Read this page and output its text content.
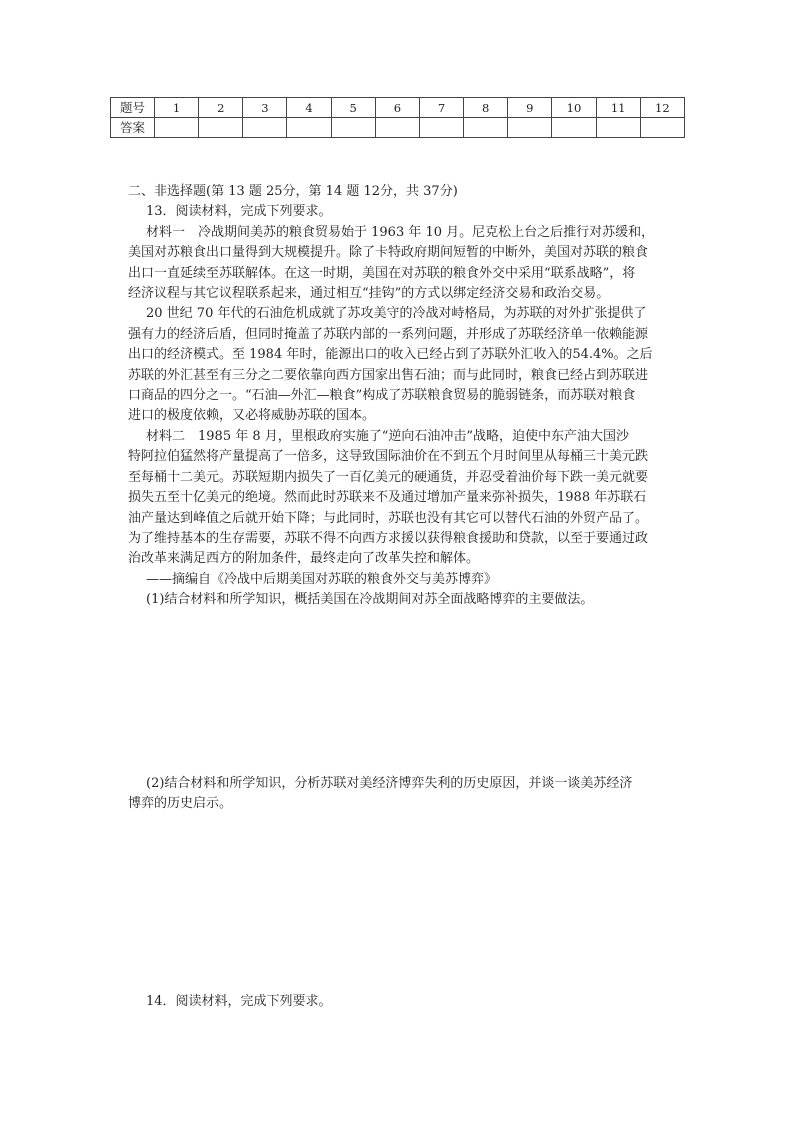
题号	1	2	3	4	5	6	7	8	9	10	11	12
答案												
二、非选择题(第 13 题 25分，第 14 题 12分，共 37分)
13．阅读材料，完成下列要求。
材料一　冷战期间美苏的粮食贸易始于 1963 年 10 月。尼克松上台之后推行对苏缓和，
美国对苏粮食出口量得到大规模提升。除了卡特政府期间短暂的中断外，美国对苏联的粮食
出口一直延续至苏联解体。在这一时期，美国在对苏联的粮食外交中采用“联系战略”，将
经济议程与其它议程联系起来，通过相互“挂钩”的方式以绑定经济交易和政治交易。
20 世纪 70 年代的石油危机成就了苏攻美守的冷战对峙格局，为苏联的对外扩张提供了
强有力的经济后盾，但同时掩盖了苏联内部的一系列问题，并形成了苏联经济单一依赖能源
出口的经济模式。至 1984 年时，能源出口的收入已经占到了苏联外汇收入的54.4%。之后
苏联的外汇甚至有三分之二要依靠向西方国家出售石油；而与此同时，粮食已经占到苏联进
口商品的四分之一。“石油—外汇—粮食”构成了苏联粮食贸易的脆弱链条，而苏联对粮食
进口的极度依赖，又必将威胁苏联的国本。
材料二　1985 年 8 月，里根政府实施了“逆向石油冲击”战略，迫使中东产油大国沙
特阿拉伯猛然将产量提高了一倍多，这导致国际油价在不到五个月时间里从每桶三十美元跌
至每桶十二美元。苏联短期内损失了一百亿美元的硬通货，并忍受着油价每下跌一美元就要
损失五至十亿美元的绝境。然而此时苏联来不及通过增加产量来弥补损失，1988 年苏联石
油产量达到峰值之后就开始下降；与此同时，苏联也没有其它可以替代石油的外贸产品了。
为了维持基本的生存需要，苏联不得不向西方求援以获得粮食援助和贷款，以至于要通过政
治改革来满足西方的附加条件，最终走向了改革失控和解体。
——摘编自《冷战中后期美国对苏联的粮食外交与美苏博弈》
(1)结合材料和所学知识，概括美国在冷战期间对苏全面战略博弈的主要做法。
(2)结合材料和所学知识，分析苏联对美经济博弈失利的历史原因，并谈一谈美苏经济
博弈的历史启示。
14．阅读材料，完成下列要求。
